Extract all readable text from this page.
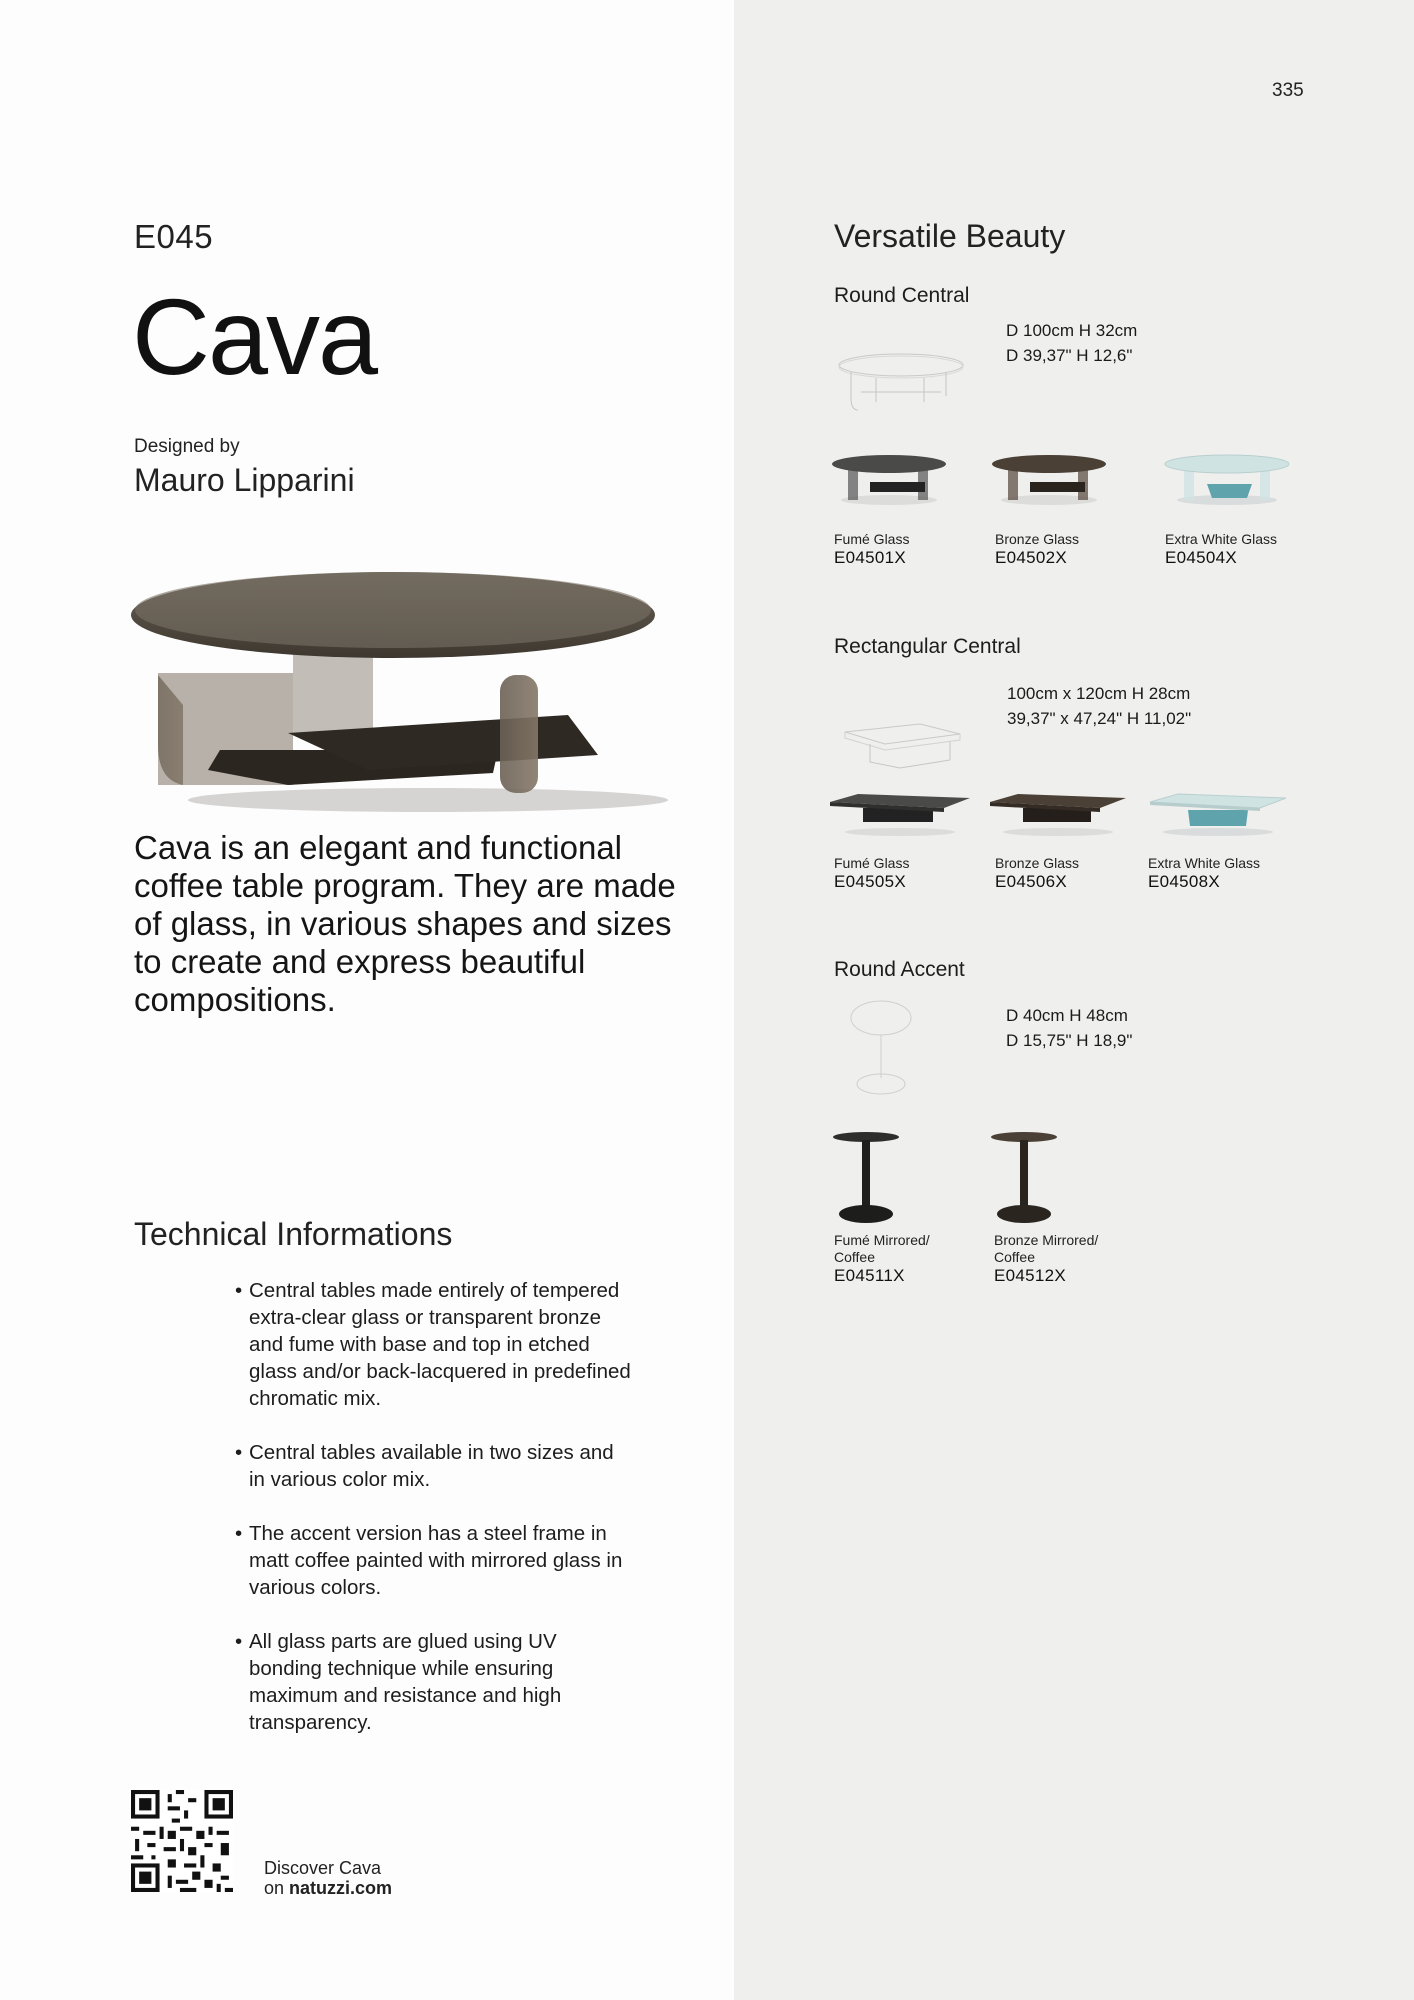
335
E045
Cava
Designed by
Mauro Lipparini
Cava is an elegant and functional coffee table program. They are made of glass, in various shapes and sizes to create and express beautiful compositions.
Technical Informations
• Central tables made entirely of tempered extra-clear glass or transparent bronze and fume with base and top in etched glass and/or back-lacquered in predefined chromatic mix.
• Central tables available in two sizes and in various color mix.
• The accent version has a steel frame in matt coffee painted with mirrored glass in various colors.
• All glass parts are glued using UV bonding technique while ensuring maximum and resistance and high transparency.
Discover Cava
on natuzzi.com
Versatile Beauty
Round Central
D 100cm H 32cm
D 39,37" H 12,6"
Fumé Glass
E04501X
Bronze Glass
E04502X
Extra White Glass
E04504X
Rectangular Central
100cm x 120cm H 28cm
39,37" x 47,24" H 11,02"
Fumé Glass
E04505X
Bronze Glass
E04506X
Extra White Glass
E04508X
Round Accent
D 40cm H 48cm
D 15,75" H 18,9"
Fumé Mirrored/ Coffee
E04511X
Bronze Mirrored/ Coffee
E04512X
